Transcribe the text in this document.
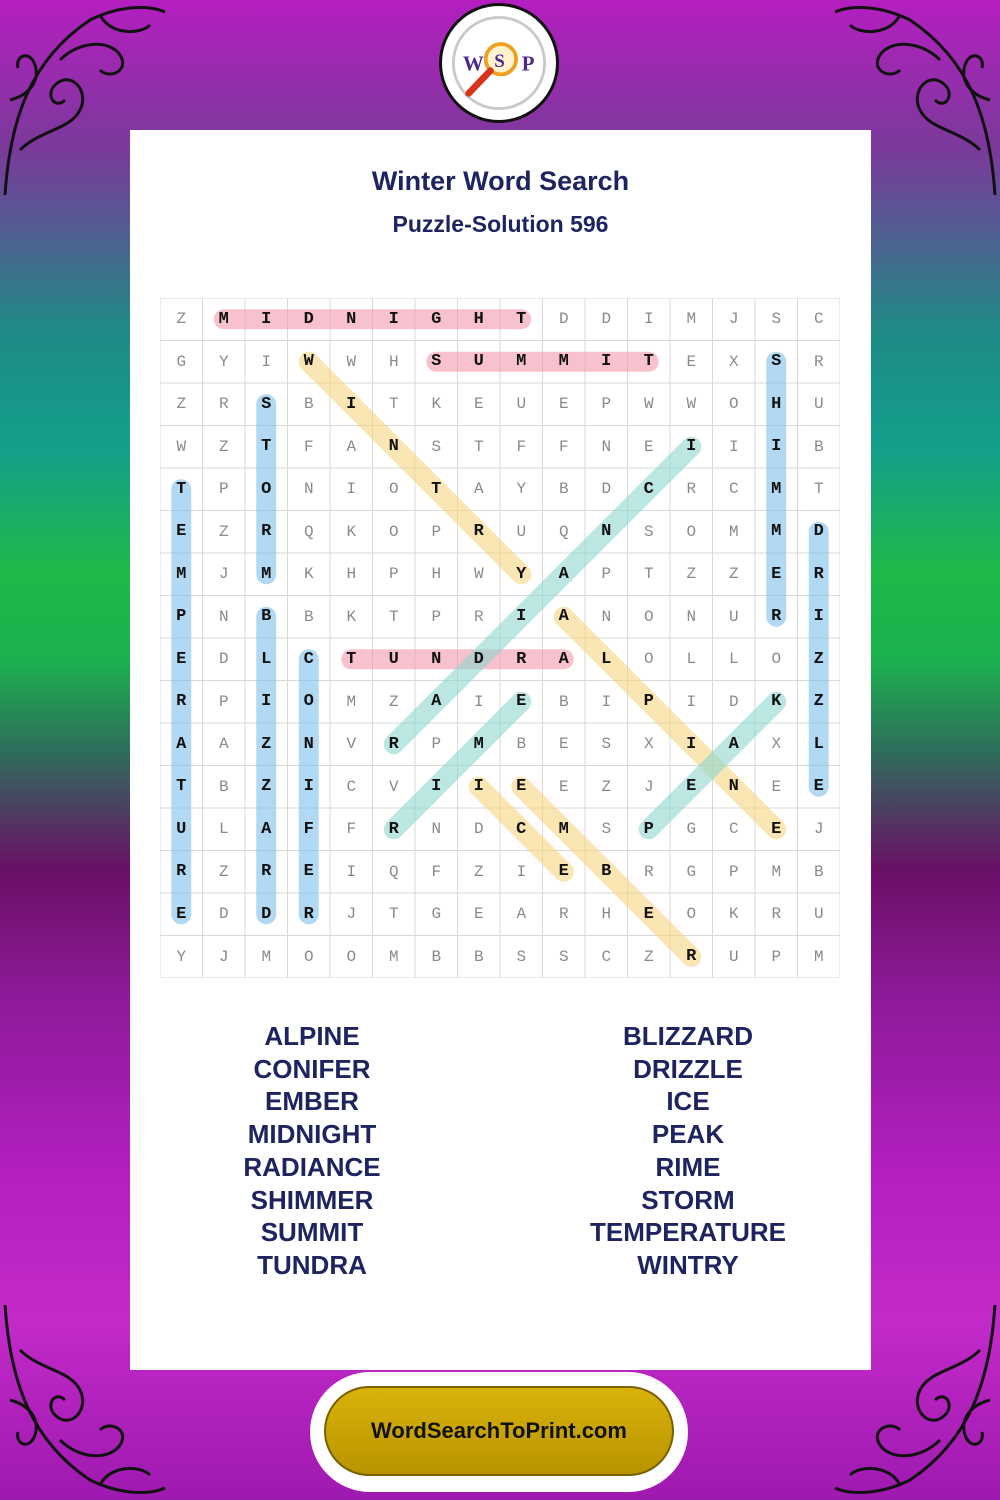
W S P
Winter Word Search
Puzzle-Solution 596
Z	M	I	D	N	I	G	H	T	D	D	I	M	J	S	C
G	Y	I	W	W	H	S	U	M	M	I	T	E	X	S	R
Z	R	S	B	I	T	K	E	U	E	P	W	W	O	H	U
W	Z	T	F	A	N	S	T	F	F	N	E	I	I	I	B
T	P	O	N	I	O	T	A	Y	B	D	C	R	C	M	T
E	Z	R	Q	K	O	P	R	U	Q	N	S	O	M	M	D
M	J	M	K	H	P	H	W	Y	A	P	T	Z	Z	E	R
P	N	B	B	K	T	P	R	I	A	N	O	N	U	R	I
E	D	L	C	T	U	N	D	R	A	L	O	L	L	O	Z
R	P	I	O	M	Z	A	I	E	B	I	P	I	D	K	Z
A	A	Z	N	V	R	P	M	B	E	S	X	I	A	X	L
T	B	Z	I	C	V	I	I	E	E	Z	J	E	N	E	E
U	L	A	F	F	R	N	D	C	M	S	P	G	C	E	J
R	Z	R	E	I	Q	F	Z	I	E	B	R	G	P	M	B
E	D	D	R	J	T	G	E	A	R	H	E	O	K	R	U
Y	J	M	O	O	M	B	B	S	S	C	Z	R	U	P	M
ALPINE
CONIFER
EMBER
MIDNIGHT
RADIANCE
SHIMMER
SUMMIT
TUNDRA
BLIZZARD
DRIZZLE
ICE
PEAK
RIME
STORM
TEMPERATURE
WINTRY
WordSearchToPrint.com
